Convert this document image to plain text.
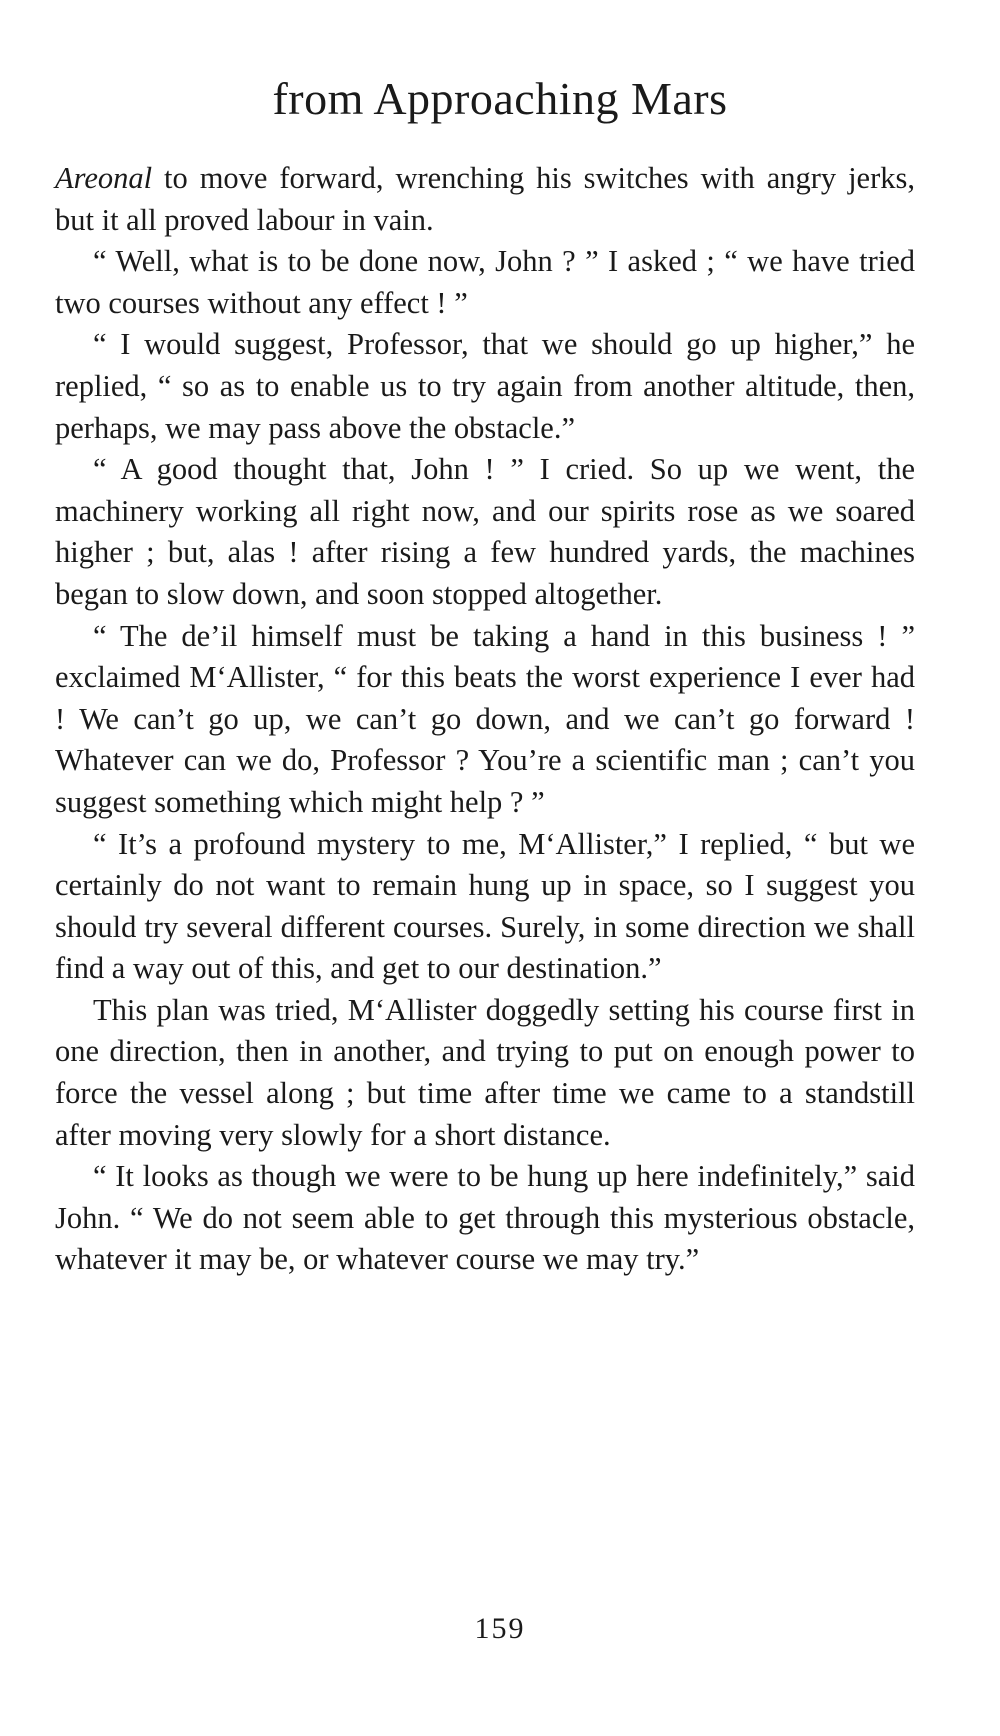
from Approaching Mars

Areonal to move forward, wrenching his switches with angry jerks, but it all proved labour in vain.

“ Well, what is to be done now, John ? ” I asked ; “ we have tried two courses without any effect ! ”

“ I would suggest, Professor, that we should go up higher,” he replied, “ so as to enable us to try again from another altitude, then, perhaps, we may pass above the obstacle.”

“ A good thought that, John ! ” I cried. So up we went, the machinery working all right now, and our spirits rose as we soared higher ; but, alas ! after rising a few hundred yards, the machines began to slow down, and soon stopped altogether.

“ The de’il himself must be taking a hand in this business ! ” exclaimed M‘Allister, “ for this beats the worst experience I ever had ! We can’t go up, we can’t go down, and we can’t go forward ! Whatever can we do, Professor ? You’re a scientific man ; can’t you suggest something which might help ? ”

“ It’s a profound mystery to me, M‘Allister,” I replied, “ but we certainly do not want to remain hung up in space, so I suggest you should try several different courses. Surely, in some direction we shall find a way out of this, and get to our destination.”

This plan was tried, M‘Allister doggedly setting his course first in one direction, then in another, and trying to put on enough power to force the vessel along ; but time after time we came to a standstill after moving very slowly for a short distance.

“ It looks as though we were to be hung up here indefinitely,” said John. “ We do not seem able to get through this mysterious obstacle, whatever it may be, or whatever course we may try.”

159
